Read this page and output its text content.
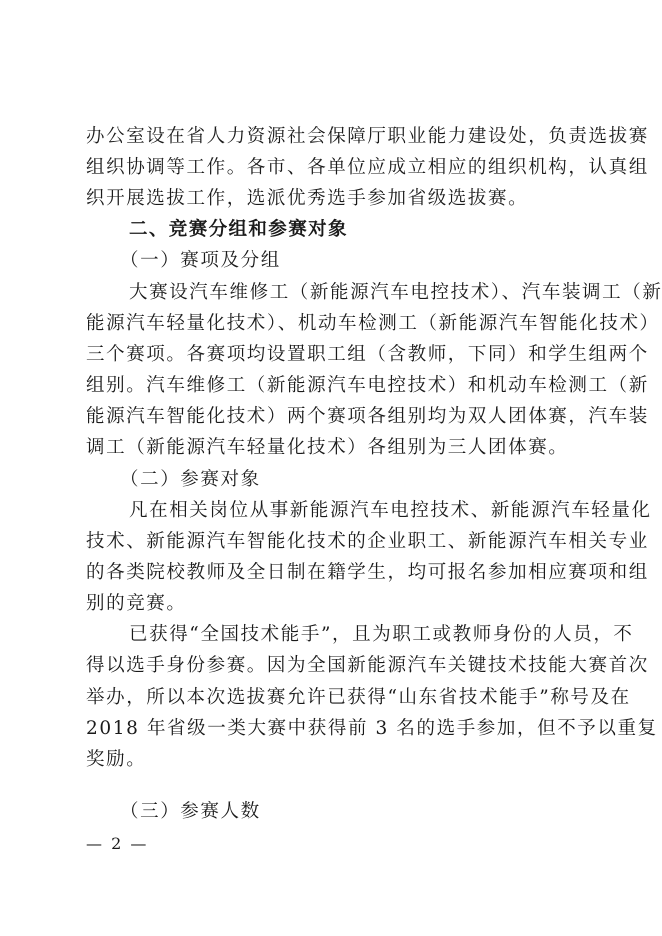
办公室设在省人力资源社会保障厅职业能力建设处，负责选拔赛
组织协调等工作。各市、各单位应成立相应的组织机构，认真组
织开展选拔工作，选派优秀选手参加省级选拔赛。
二、竞赛分组和参赛对象
（一）赛项及分组
大赛设汽车维修工（新能源汽车电控技术）、汽车装调工（新
能源汽车轻量化技术）、机动车检测工（新能源汽车智能化技术）
三个赛项。各赛项均设置职工组（含教师，下同）和学生组两个
组别。汽车维修工（新能源汽车电控技术）和机动车检测工（新
能源汽车智能化技术）两个赛项各组别均为双人团体赛，汽车装
调工（新能源汽车轻量化技术）各组别为三人团体赛。
（二）参赛对象
凡在相关岗位从事新能源汽车电控技术、新能源汽车轻量化
技术、新能源汽车智能化技术的企业职工、新能源汽车相关专业
的各类院校教师及全日制在籍学生，均可报名参加相应赛项和组
别的竞赛。
已获得“全国技术能手”，且为职工或教师身份的人员，不
得以选手身份参赛。因为全国新能源汽车关键技术技能大赛首次
举办，所以本次选拔赛允许已获得“山东省技术能手”称号及在
2018 年省级一类大赛中获得前 3 名的选手参加，但不予以重复
奖励。
（三）参赛人数
— 2 —
